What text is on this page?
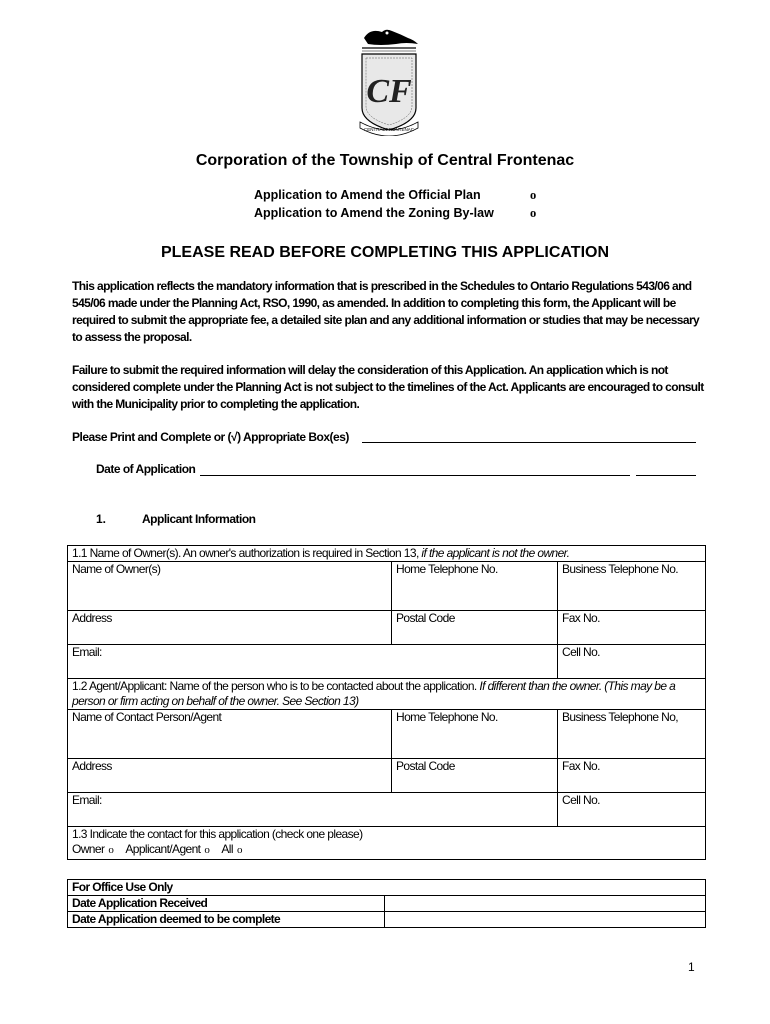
CF
CENTRAL FRONTENAC
Corporation of the Township of Central Frontenac
Application to Amend the Official Plan	o
Application to Amend the Zoning By-law	o
PLEASE READ BEFORE COMPLETING THIS APPLICATION
This application reflects the mandatory information that is prescribed in the Schedules to Ontario Regulations 543/06 and 545/06 made under the Planning Act, RSO, 1990, as amended. In addition to completing this form, the Applicant will be required to submit the appropriate fee, a detailed site plan and any additional information or studies that may be necessary to assess the proposal.
Failure to submit the required information will delay the consideration of this Application. An application which is not considered complete under the Planning Act is not subject to the timelines of the Act. Applicants are encouraged to consult with the Municipality prior to completing the application.
Please Print and Complete or (√) Appropriate Box(es)
Date of Application
1.	Applicant Information
1.1 Name of Owner(s). An owner's authorization is required in Section 13, if the applicant is not the owner.		
Name of Owner(s)	Home Telephone No.	Business Telephone No.
Address	Postal Code	Fax No.
Email:		Cell No.
1.2 Agent/Applicant: Name of the person who is to be contacted about the application. If different than the owner. (This may be a person or firm acting on behalf of the owner. See Section 13)		
Name of Contact Person/Agent	Home Telephone No.	Business Telephone No,
Address	Postal Code	Fax No.
Email:		Cell No.

1.3 Indicate the contact for this application (check one please)
Owner o Applicant/Agent o All o		
For Office Use Only	
Date Application Received	
Date Application deemed to be complete	
1
